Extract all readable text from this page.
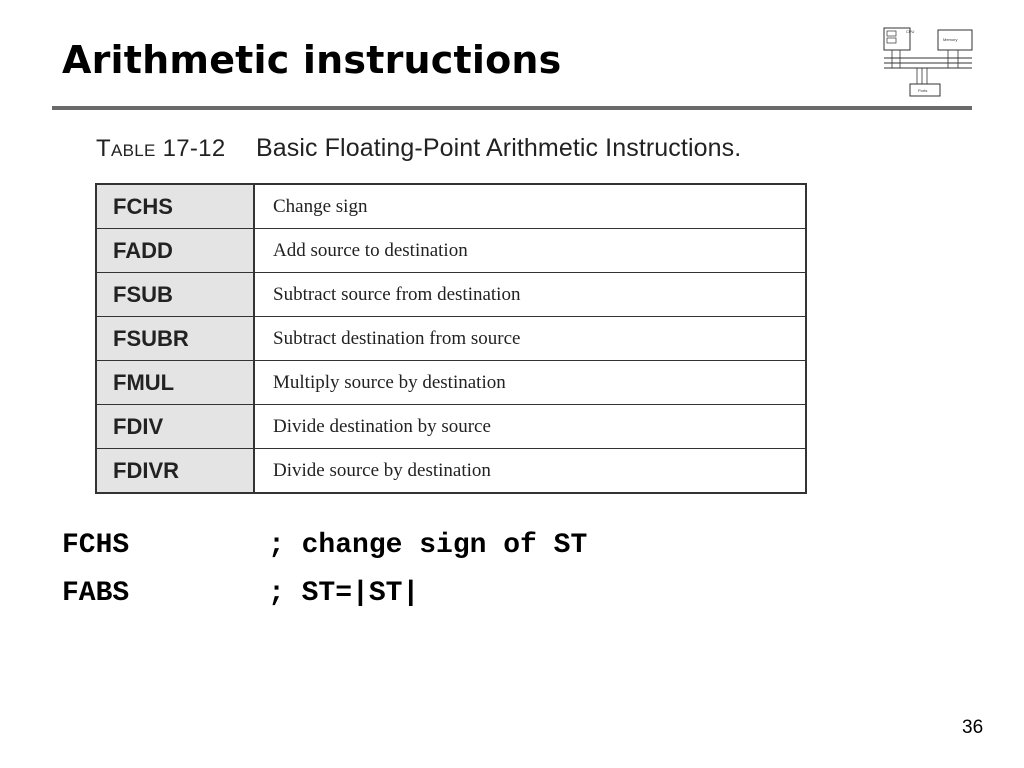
Arithmetic instructions
CPU
Memory
Ports
Table 17-12 Basic Floating-Point Arithmetic Instructions.
FCHS	Change sign
FADD	Add source to destination
FSUB	Subtract source from destination
FSUBR	Subtract destination from source
FMUL	Multiply source by destination
FDIV	Divide destination by source
FDIVR	Divide source by destination
FCHS	; change sign of ST
FABS	; ST=|ST|
36
